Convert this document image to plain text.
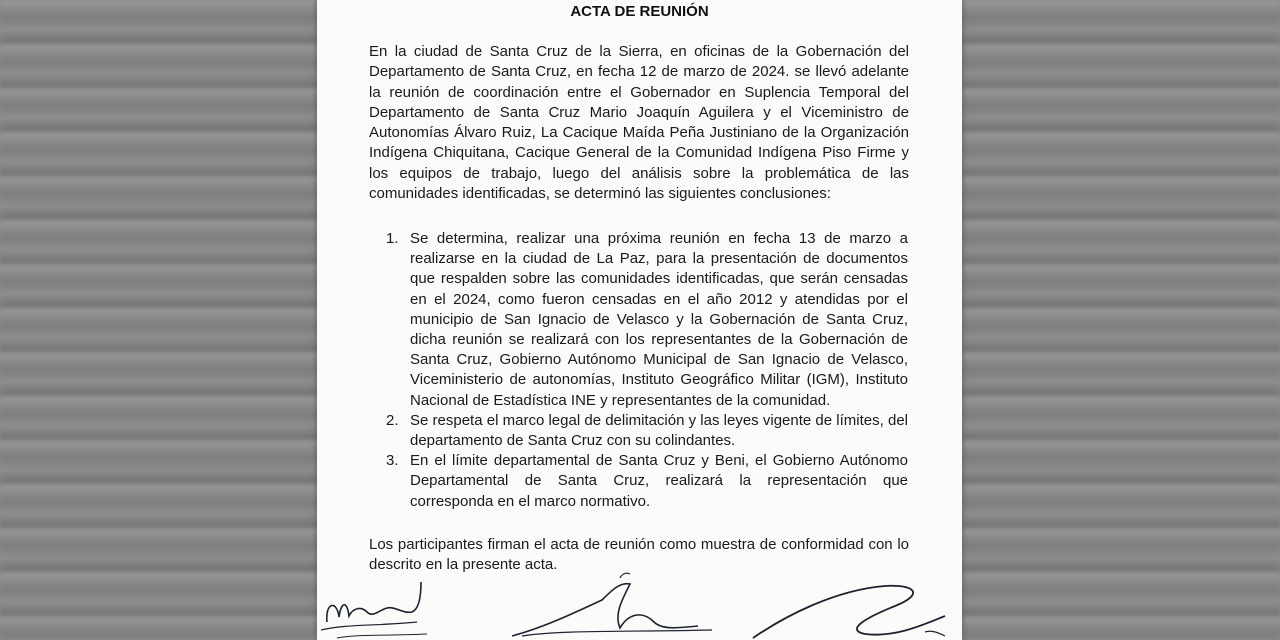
ACTA DE REUNIÓN

En la ciudad de Santa Cruz de la Sierra, en oficinas de la Gobernación del Departamento de Santa Cruz, en fecha 12 de marzo de 2024. se llevó adelante la reunión de coordinación entre el Gobernador en Suplencia Temporal del Departamento de Santa Cruz Mario Joaquín Aguilera y el Viceministro de Autonomías Álvaro Ruiz, La Cacique Maída Peña Justiniano de la Organización Indígena Chiquitana, Cacique General de la Comunidad Indígena Piso Firme y los equipos de trabajo, luego del análisis sobre la problemática de las comunidades identificadas, se determinó las siguientes conclusiones:

1. Se determina, realizar una próxima reunión en fecha 13 de marzo a realizarse en la ciudad de La Paz, para la presentación de documentos que respalden sobre las comunidades identificadas, que serán censadas en el 2024, como fueron censadas en el año 2012 y atendidas por el municipio de San Ignacio de Velasco y la Gobernación de Santa Cruz, dicha reunión se realizará con los representantes de la Gobernación de Santa Cruz, Gobierno Autónomo Municipal de San Ignacio de Velasco, Viceministerio de autonomías, Instituto Geográfico Militar (IGM), Instituto Nacional de Estadística INE y representantes de la comunidad.
2. Se respeta el marco legal de delimitación y las leyes vigente de límites, del departamento de Santa Cruz con su colindantes.
3. En el límite departamental de Santa Cruz y Beni, el Gobierno Autónomo Departamental de Santa Cruz, realizará la representación que corresponda en el marco normativo.

Los participantes firman el acta de reunión como muestra de conformidad con lo descrito en la presente acta.
